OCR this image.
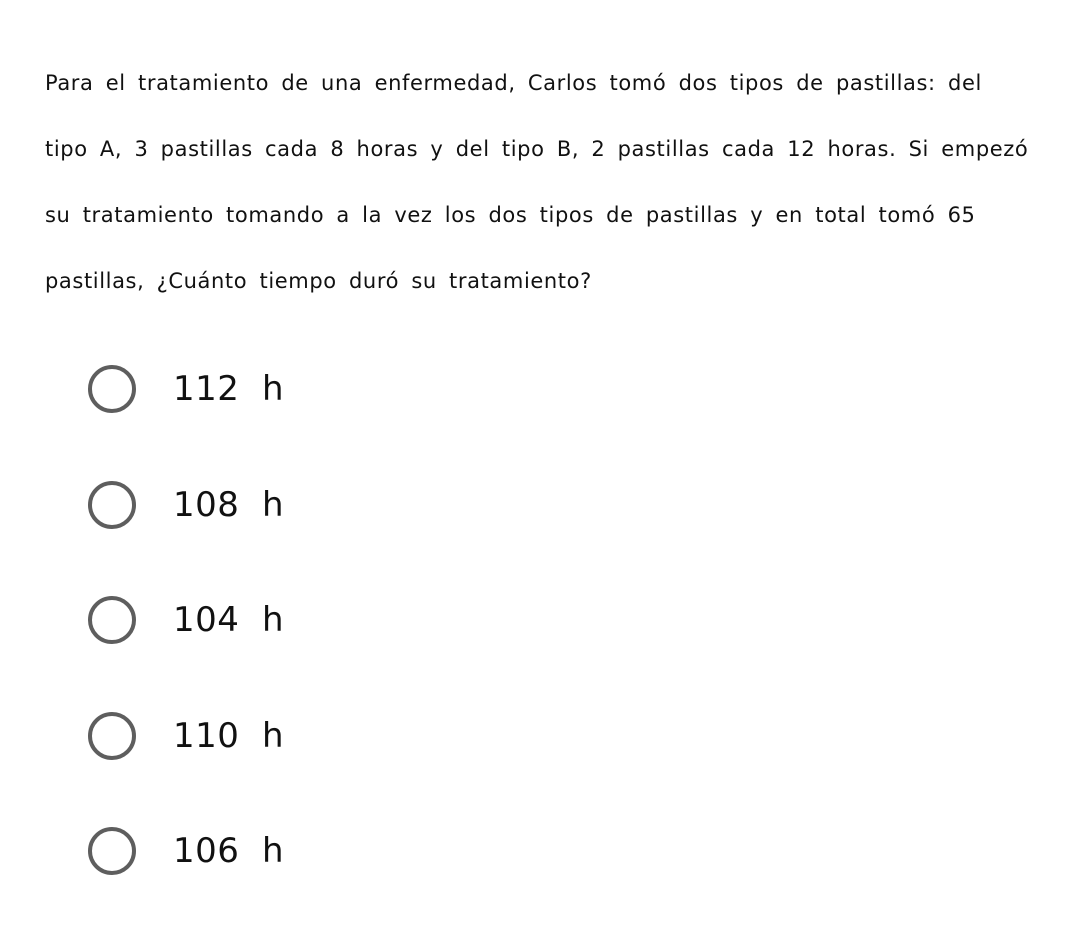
Para el tratamiento de una enfermedad, Carlos tomó dos tipos de pastillas: del tipo A, 3 pastillas cada 8 horas y del tipo B, 2 pastillas cada 12 horas. Si empezó su tratamiento tomando a la vez los dos tipos de pastillas y en total tomó 65 pastillas, ¿Cuánto tiempo duró su tratamiento?

112  h
108  h
104  h
110  h
106  h
